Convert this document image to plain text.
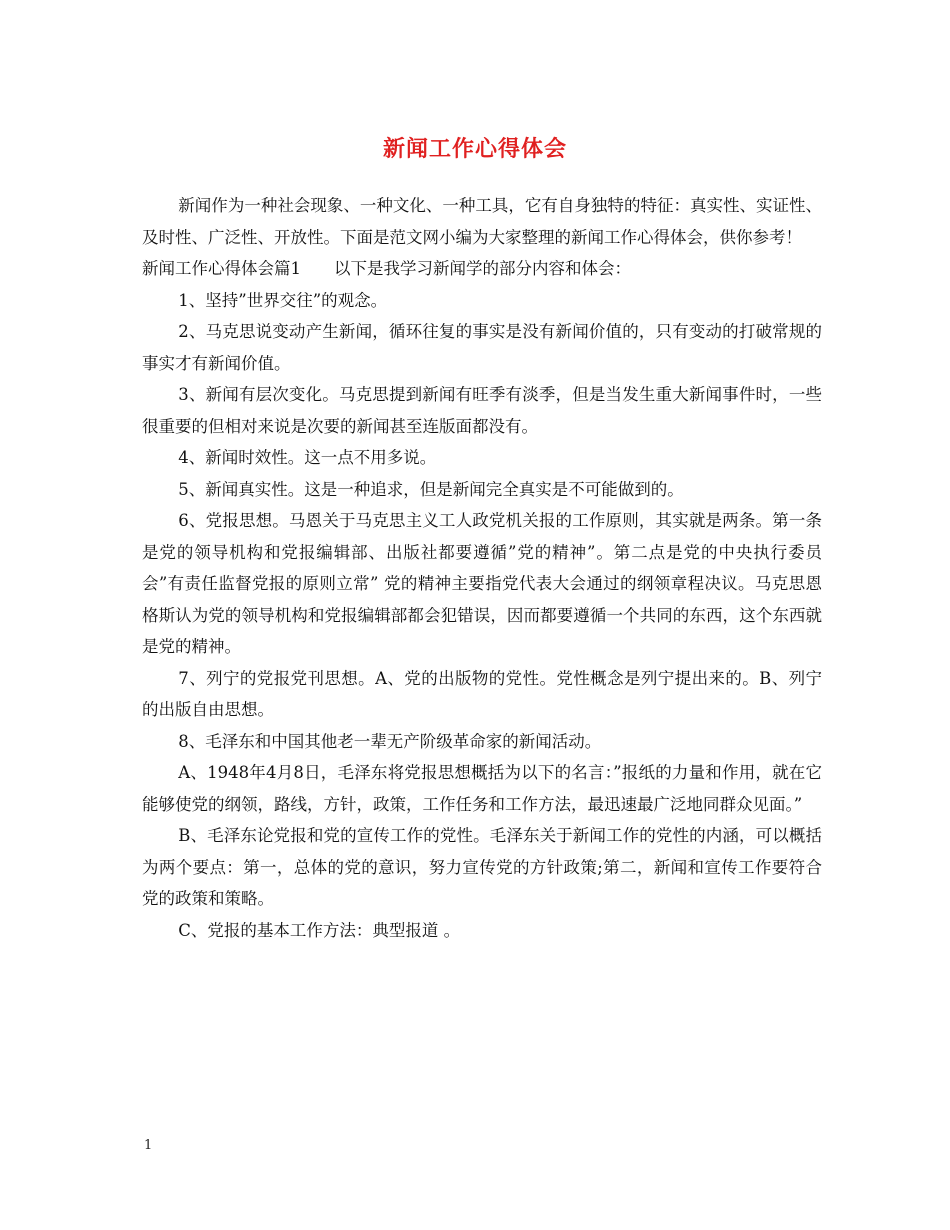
新闻工作心得体会

新闻作为一种社会现象、一种文化、一种工具，它有自身独特的特征：真实性、实证性、及时性、广泛性、开放性。下面是范文网小编为大家整理的新闻工作心得体会，供你参考！

新闻工作心得体会篇1　　以下是我学习新闻学的部分内容和体会：

1、坚持”世界交往”的观念。

2、马克思说变动产生新闻，循环往复的事实是没有新闻价值的，只有变动的打破常规的事实才有新闻价值。

3、新闻有层次变化。马克思提到新闻有旺季有淡季，但是当发生重大新闻事件时，一些很重要的但相对来说是次要的新闻甚至连版面都没有。

4、新闻时效性。这一点不用多说。

5、新闻真实性。这是一种追求，但是新闻完全真实是不可能做到的。

6、党报思想。马恩关于马克思主义工人政党机关报的工作原则，其实就是两条。第一条是党的领导机构和党报编辑部、出版社都要遵循”党的精神”。第二点是党的中央执行委员会”有责任监督党报的原则立常” 党的精神主要指党代表大会通过的纲领章程决议。马克思恩格斯认为党的领导机构和党报编辑部都会犯错误，因而都要遵循一个共同的东西，这个东西就是党的精神。

7、列宁的党报党刊思想。A、党的出版物的党性。党性概念是列宁提出来的。B、列宁的出版自由思想。

8、毛泽东和中国其他老一辈无产阶级革命家的新闻活动。

A、1948年4月8日，毛泽东将党报思想概括为以下的名言：”报纸的力量和作用，就在它能够使党的纲领，路线，方针，政策，工作任务和工作方法，最迅速最广泛地同群众见面。”

B、毛泽东论党报和党的宣传工作的党性。毛泽东关于新闻工作的党性的内涵，可以概括为两个要点：第一，总体的党的意识，努力宣传党的方针政策;第二，新闻和宣传工作要符合党的政策和策略。

C、党报的基本工作方法：典型报道 。

1
